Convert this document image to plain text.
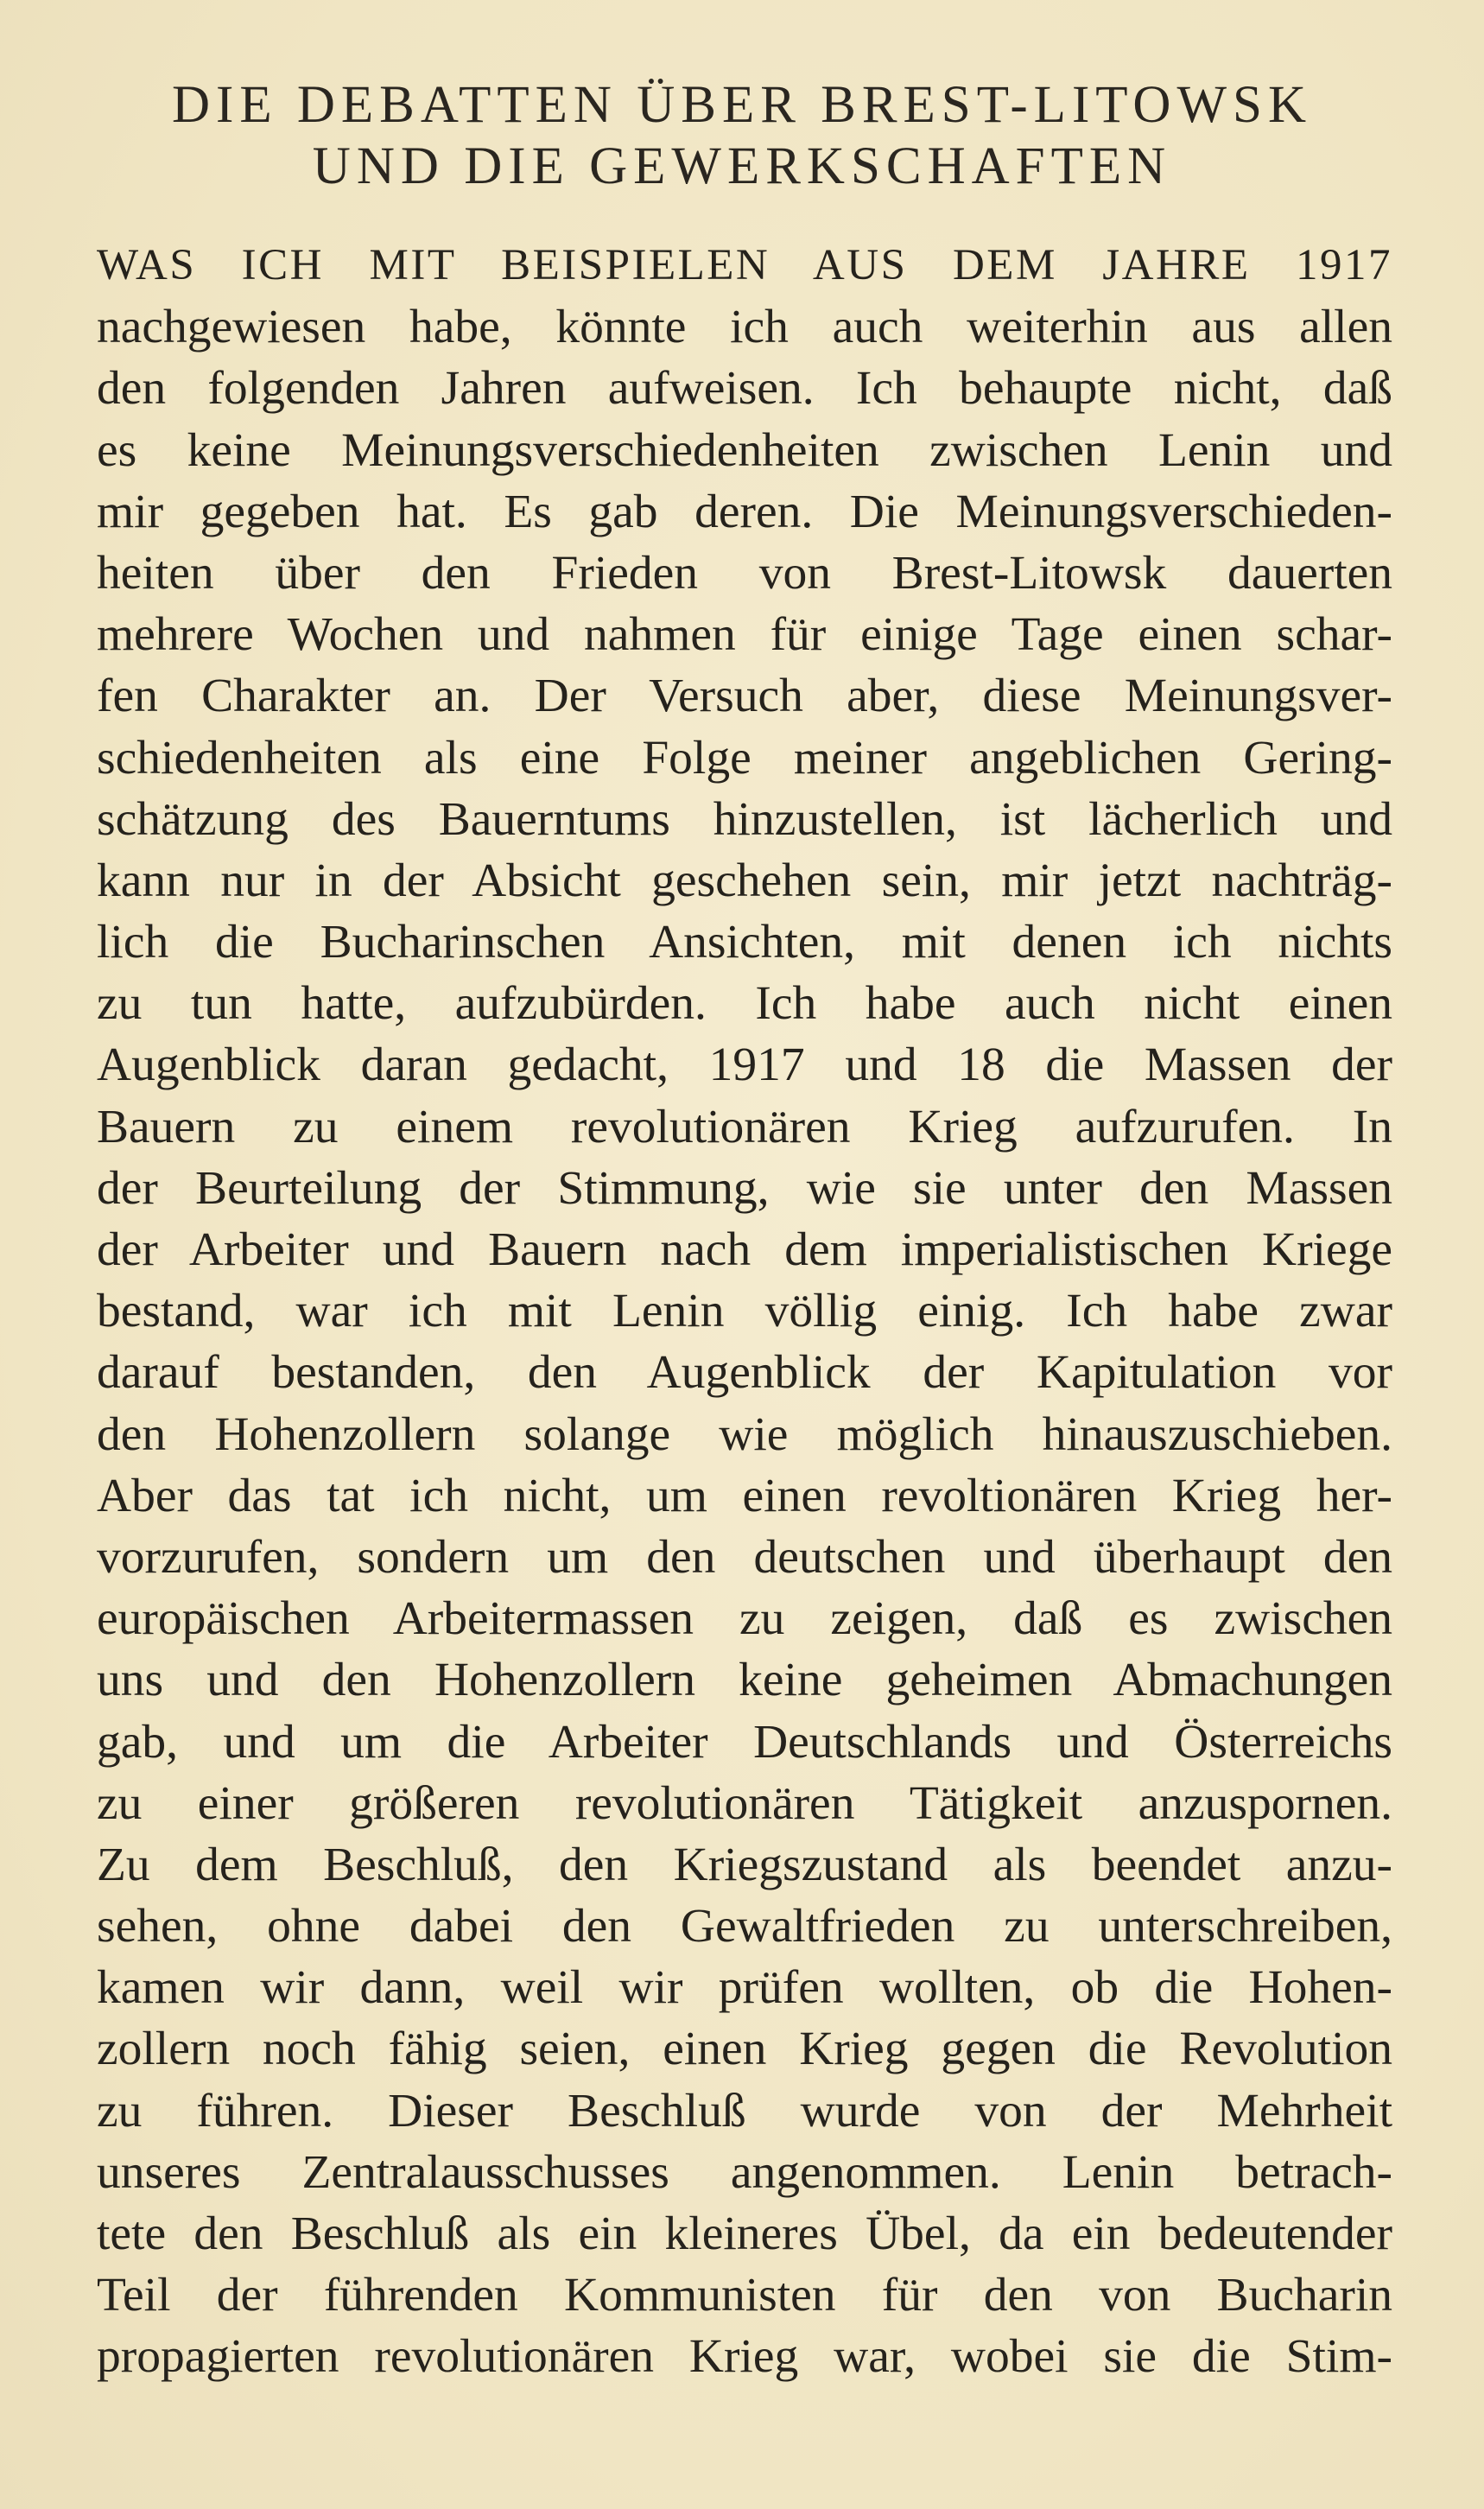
DIE DEBATTEN ÜBER BREST-LITOWSK
UND DIE GEWERKSCHAFTEN
WAS ICH MIT BEISPIELEN AUS DEM JAHRE 1917
nachgewiesen habe, könnte ich auch weiterhin aus allen
den folgenden Jahren aufweisen. Ich behaupte nicht, daß
es keine Meinungsverschiedenheiten zwischen Lenin und
mir gegeben hat. Es gab deren. Die Meinungsverschieden-
heiten über den Frieden von Brest-Litowsk dauerten
mehrere Wochen und nahmen für einige Tage einen schar-
fen Charakter an. Der Versuch aber, diese Meinungsver-
schiedenheiten als eine Folge meiner angeblichen Gering-
schätzung des Bauerntums hinzustellen, ist lächerlich und
kann nur in der Absicht geschehen sein, mir jetzt nachträg-
lich die Bucharinschen Ansichten, mit denen ich nichts
zu tun hatte, aufzubürden. Ich habe auch nicht einen
Augenblick daran gedacht, 1917 und 18 die Massen der
Bauern zu einem revolutionären Krieg aufzurufen. In
der Beurteilung der Stimmung, wie sie unter den Massen
der Arbeiter und Bauern nach dem imperialistischen Kriege
bestand, war ich mit Lenin völlig einig. Ich habe zwar
darauf bestanden, den Augenblick der Kapitulation vor
den Hohenzollern solange wie möglich hinauszuschieben.
Aber das tat ich nicht, um einen revoltionären Krieg her-
vorzurufen, sondern um den deutschen und überhaupt den
europäischen Arbeitermassen zu zeigen, daß es zwischen
uns und den Hohenzollern keine geheimen Abmachungen
gab, und um die Arbeiter Deutschlands und Österreichs
zu einer größeren revolutionären Tätigkeit anzuspornen.
Zu dem Beschluß, den Kriegszustand als beendet anzu-
sehen, ohne dabei den Gewaltfrieden zu unterschreiben,
kamen wir dann, weil wir prüfen wollten, ob die Hohen-
zollern noch fähig seien, einen Krieg gegen die Revolution
zu führen. Dieser Beschluß wurde von der Mehrheit
unseres Zentralausschusses angenommen. Lenin betrach-
tete den Beschluß als ein kleineres Übel, da ein bedeutender
Teil der führenden Kommunisten für den von Bucharin
propagierten revolutionären Krieg war, wobei sie die Stim-
